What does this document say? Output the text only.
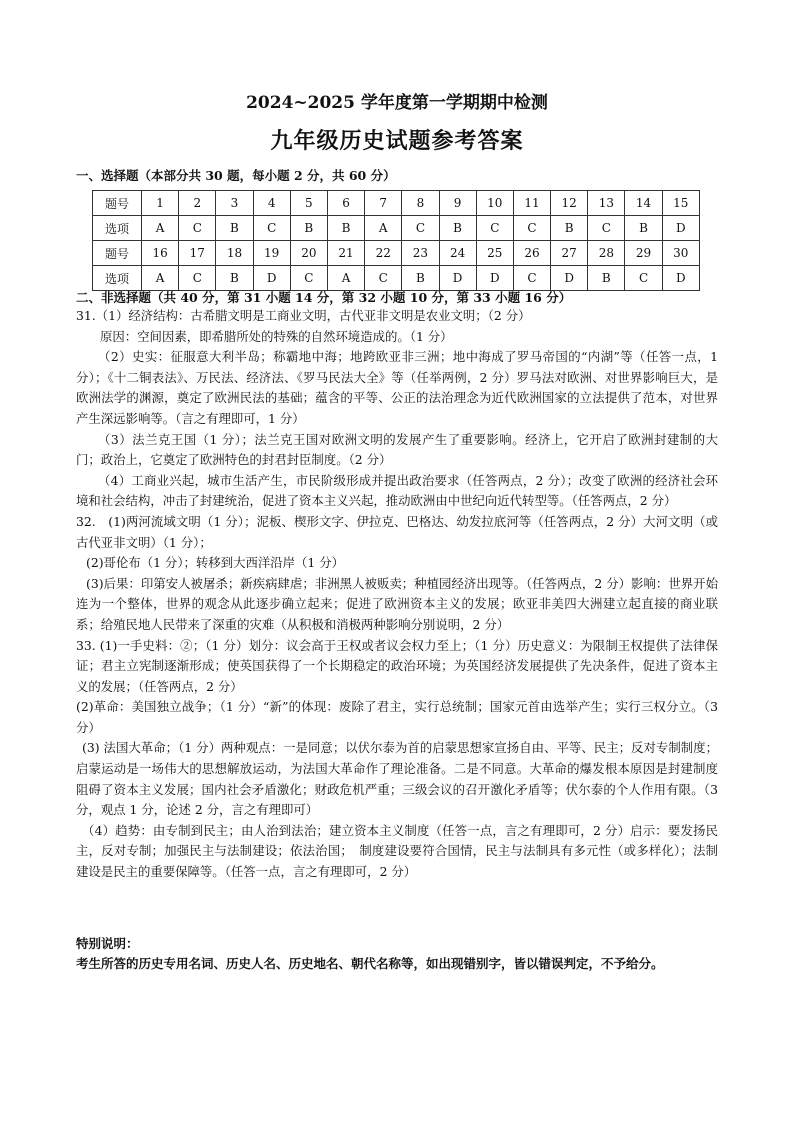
2024~2025 学年度第一学期期中检测
九年级历史试题参考答案
一、选择题（本部分共 30 题，每小题 2 分，共 60 分）
题号	1	2	3	4	5	6	7	8	9	10	11	12	13	14	15
选项	A	C	B	C	B	B	A	C	B	C	C	B	C	B	D
题号	16	17	18	19	20	21	22	23	24	25	26	27	28	29	30
选项	A	C	B	D	C	A	C	B	D	D	C	D	B	C	D
二、非选择题（共 40 分，第 31 小题 14 分，第 32 小题 10 分，第 33 小题 16 分）

31.（1）经济结构：古希腊文明是工商业文明，古代亚非文明是农业文明；（2 分）

原因：空间因素，即希腊所处的特殊的自然环境造成的。（1 分）

（2）史实：征服意大利半岛；称霸地中海；地跨欧亚非三洲；地中海成了罗马帝国的“内湖”等（任答一点，1 分）；《十二铜表法》、万民法、经济法、《罗马民法大全》等（任举两例，2 分）罗马法对欧洲、对世界影响巨大，是欧洲法学的渊源，奠定了欧洲民法的基础；蕴含的平等、公正的法治理念为近代欧洲国家的立法提供了范本，对世界产生深远影响等。（言之有理即可，1 分）

（3）法兰克王国（1 分）；法兰克王国对欧洲文明的发展产生了重要影响。经济上，它开启了欧洲封建制的大门；政治上，它奠定了欧洲特色的封君封臣制度。（2 分）

（4）工商业兴起，城市生活产生，市民阶级形成并提出政治要求（任答两点，2 分）；改变了欧洲的经济社会环境和社会结构，冲击了封建统治，促进了资本主义兴起，推动欧洲由中世纪向近代转型等。（任答两点，2 分）

32.　(1)两河流域文明（1 分）；泥板、楔形文字、伊拉克、巴格达、幼发拉底河等（任答两点，2 分）大河文明（或古代亚非文明）（1 分）；

(2)哥伦布（1 分）；转移到大西洋沿岸（1 分）

(3)后果：印第安人被屠杀；新疾病肆虐；非洲黑人被贩卖；种植园经济出现等。（任答两点，2 分）影响：世界开始连为一个整体，世界的观念从此逐步确立起来；促进了欧洲资本主义的发展；欧亚非美四大洲建立起直接的商业联系；给殖民地人民带来了深重的灾难（从积极和消极两种影响分别说明，2 分）

33. (1)一手史料：②；（1 分）划分：议会高于王权或者议会权力至上；（1 分）历史意义：为限制王权提供了法律保证；君主立宪制逐渐形成；使英国获得了一个长期稳定的政治环境；为英国经济发展提供了先决条件，促进了资本主义的发展；（任答两点，2 分）

(2)革命：美国独立战争；（1 分）“新”的体现：废除了君主，实行总统制；国家元首由选举产生；实行三权分立。（3 分）

(3) 法国大革命；（1 分）两种观点：一是同意；以伏尔泰为首的启蒙思想家宣扬自由、平等、民主；反对专制制度；启蒙运动是一场伟大的思想解放运动，为法国大革命作了理论准备。二是不同意。大革命的爆发根本原因是封建制度阻碍了资本主义发展；国内社会矛盾激化；财政危机严重；三级会议的召开激化矛盾等；伏尔泰的个人作用有限。（3 分，观点 1 分，论述 2 分，言之有理即可）

（4）趋势：由专制到民主；由人治到法治；建立资本主义制度（任答一点，言之有理即可，2 分）启示：要发扬民主，反对专制；加强民主与法制建设；依法治国；　制度建设要符合国情，民主与法制具有多元性（或多样化）；法制建设是民主的重要保障等。（任答一点，言之有理即可，2 分）

特别说明：
考生所答的历史专用名词、历史人名、历史地名、朝代名称等，如出现错别字，皆以错误判定，不予给分。
